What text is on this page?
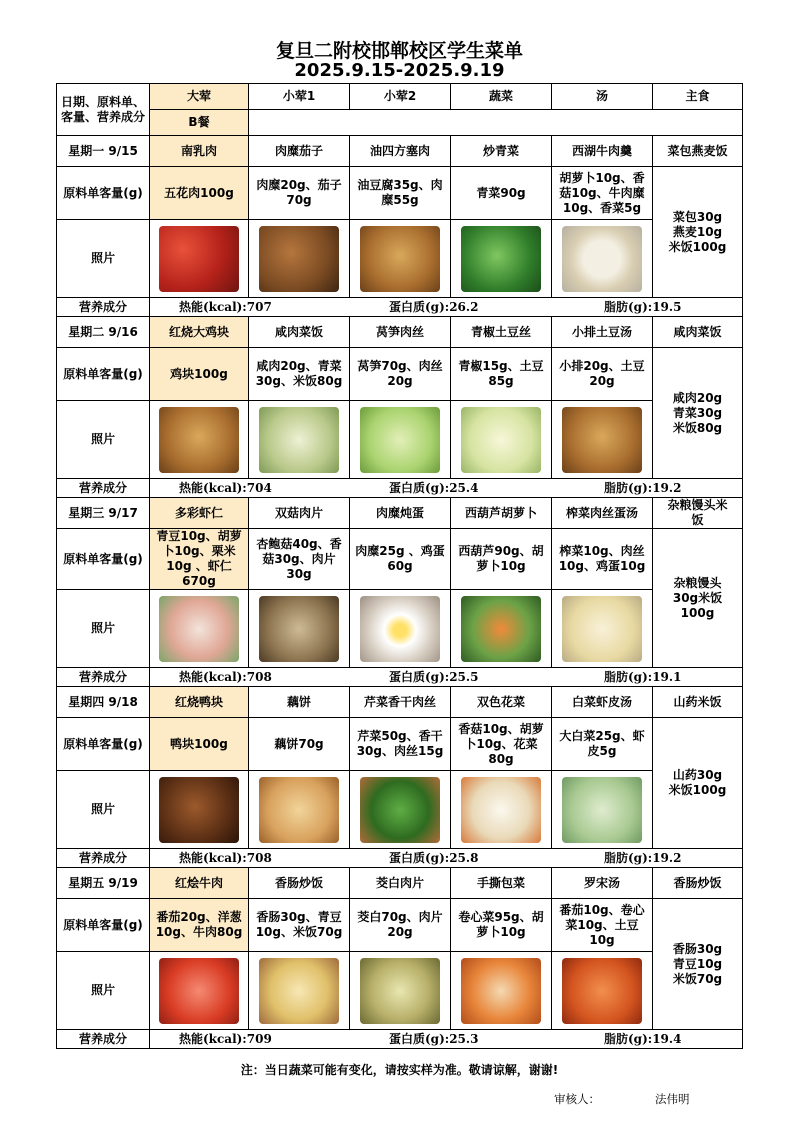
复旦二附校邯郸校区学生菜单
2025.9.15-2025.9.19
日期、原料单、客量、营养成分	大荤	小荤1	小荤2	蔬菜	汤	主食
	B餐					
星期一 9/15	南乳肉	肉糜茄子	油四方塞肉	炒青菜	西湖牛肉羹	菜包燕麦饭
原料单客量(g)	五花肉100g	肉糜20g、茄子70g	油豆腐35g、肉糜55g	青菜90g	胡萝卜10g、香菇10g、牛肉糜10g、香菜5g	菜包30g燕麦10g米饭100g
照片		

营养成分	热能(kcal):707 蛋白质(g):26.2 脂肪(g):19.5					

星期二 9/16	红烧大鸡块	咸肉菜饭	莴笋肉丝	青椒土豆丝	小排土豆汤	咸肉菜饭
原料单客量(g)	鸡块100g	咸肉20g、青菜30g、米饭80g	莴笋70g、肉丝20g	青椒15g、土豆85g	小排20g、土豆20g	咸肉20g青菜30g米饭80g
照片		

营养成分	热能(kcal):704 蛋白质(g):25.4 脂肪(g):19.2					

星期三 9/17	多彩虾仁	双菇肉片	肉糜炖蛋	西葫芦胡萝卜	榨菜肉丝蛋汤	杂粮馒头米饭
原料单客量(g)	青豆10g、胡萝卜10g、栗米10g 、虾仁670g	杏鲍菇40g、香菇30g、肉片30g	肉糜25g 、鸡蛋60g	西葫芦90g、胡萝卜10g	榨菜10g、肉丝10g、鸡蛋10g	杂粮馒头30g米饭100g
照片		

营养成分	热能(kcal):708 蛋白质(g):25.5 脂肪(g):19.1					

星期四 9/18	红烧鸭块	藕饼	芹菜香干肉丝	双色花菜	白菜虾皮汤	山药米饭
原料单客量(g)	鸭块100g	藕饼70g	芹菜50g、香干30g、肉丝15g	香菇10g、胡萝卜10g、花菜80g	大白菜25g、虾皮5g	山药30g米饭100g
照片		

营养成分	热能(kcal):708 蛋白质(g):25.8 脂肪(g):19.2					

星期五 9/19	红烩牛肉	香肠炒饭	茭白肉片	手撕包菜	罗宋汤	香肠炒饭
原料单客量(g)	番茄20g、洋葱10g、牛肉80g	香肠30g、青豆10g、米饭70g	茭白70g、肉片20g	卷心菜95g、胡萝卜10g	番茄10g、卷心菜10g、土豆10g	香肠30g青豆10g米饭70g
照片		

营养成分	热能(kcal):709 蛋白质(g):25.3 脂肪(g):19.4					
注：当日蔬菜可能有变化，请按实样为准。敬请谅解，谢谢!
审核人：	法伟明
